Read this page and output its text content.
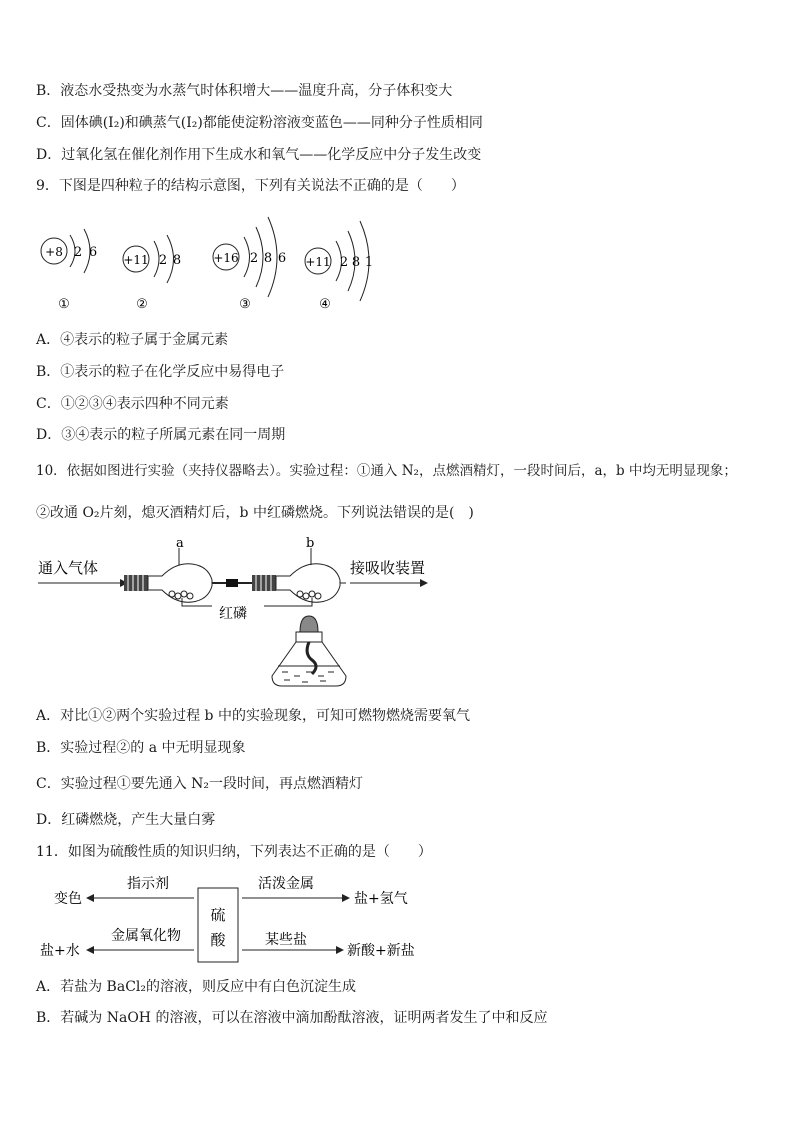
B．液态水受热变为水蒸气时体积增大——温度升高，分子体积变大
C．固体碘(I₂)和碘蒸气(I₂)都能使淀粉溶液变蓝色——同种分子性质相同
D．过氧化氢在催化剂作用下生成水和氧气——化学反应中分子发生改变
9．下图是四种粒子的结构示意图，下列有关说法不正确的是（　　）
+8 2 6
①
+11 2 8
②
+16 2 8 6
③
+11 2 8 1
④
A．④表示的粒子属于金属元素
B．①表示的粒子在化学反应中易得电子
C．①②③④表示四种不同元素
D．③④表示的粒子所属元素在同一周期
10．依据如图进行实验（夹持仪器略去）。实验过程：①通入 N₂，点燃酒精灯，一段时间后，a，b 中均无明显现象；
②改通 O₂片刻，熄灭酒精灯后，b 中红磷燃烧。下列说法错误的是(　)
通入气体
a	b
接吸收装置
红磷
A．对比①②两个实验过程 b 中的实验现象，可知可燃物燃烧需要氧气
B．实验过程②的 a 中无明显现象
C．实验过程①要先通入 N₂一段时间，再点燃酒精灯
D．红磷燃烧，产生大量白雾
11．如图为硫酸性质的知识归纳，下列表达不正确的是（　　）
硫
酸
指示剂
变色
活泼金属
盐+氢气
金属氧化物
盐+水
某些盐
新酸+新盐
A．若盐为 BaCl₂的溶液，则反应中有白色沉淀生成
B．若碱为 NaOH 的溶液，可以在溶液中滴加酚酞溶液，证明两者发生了中和反应
